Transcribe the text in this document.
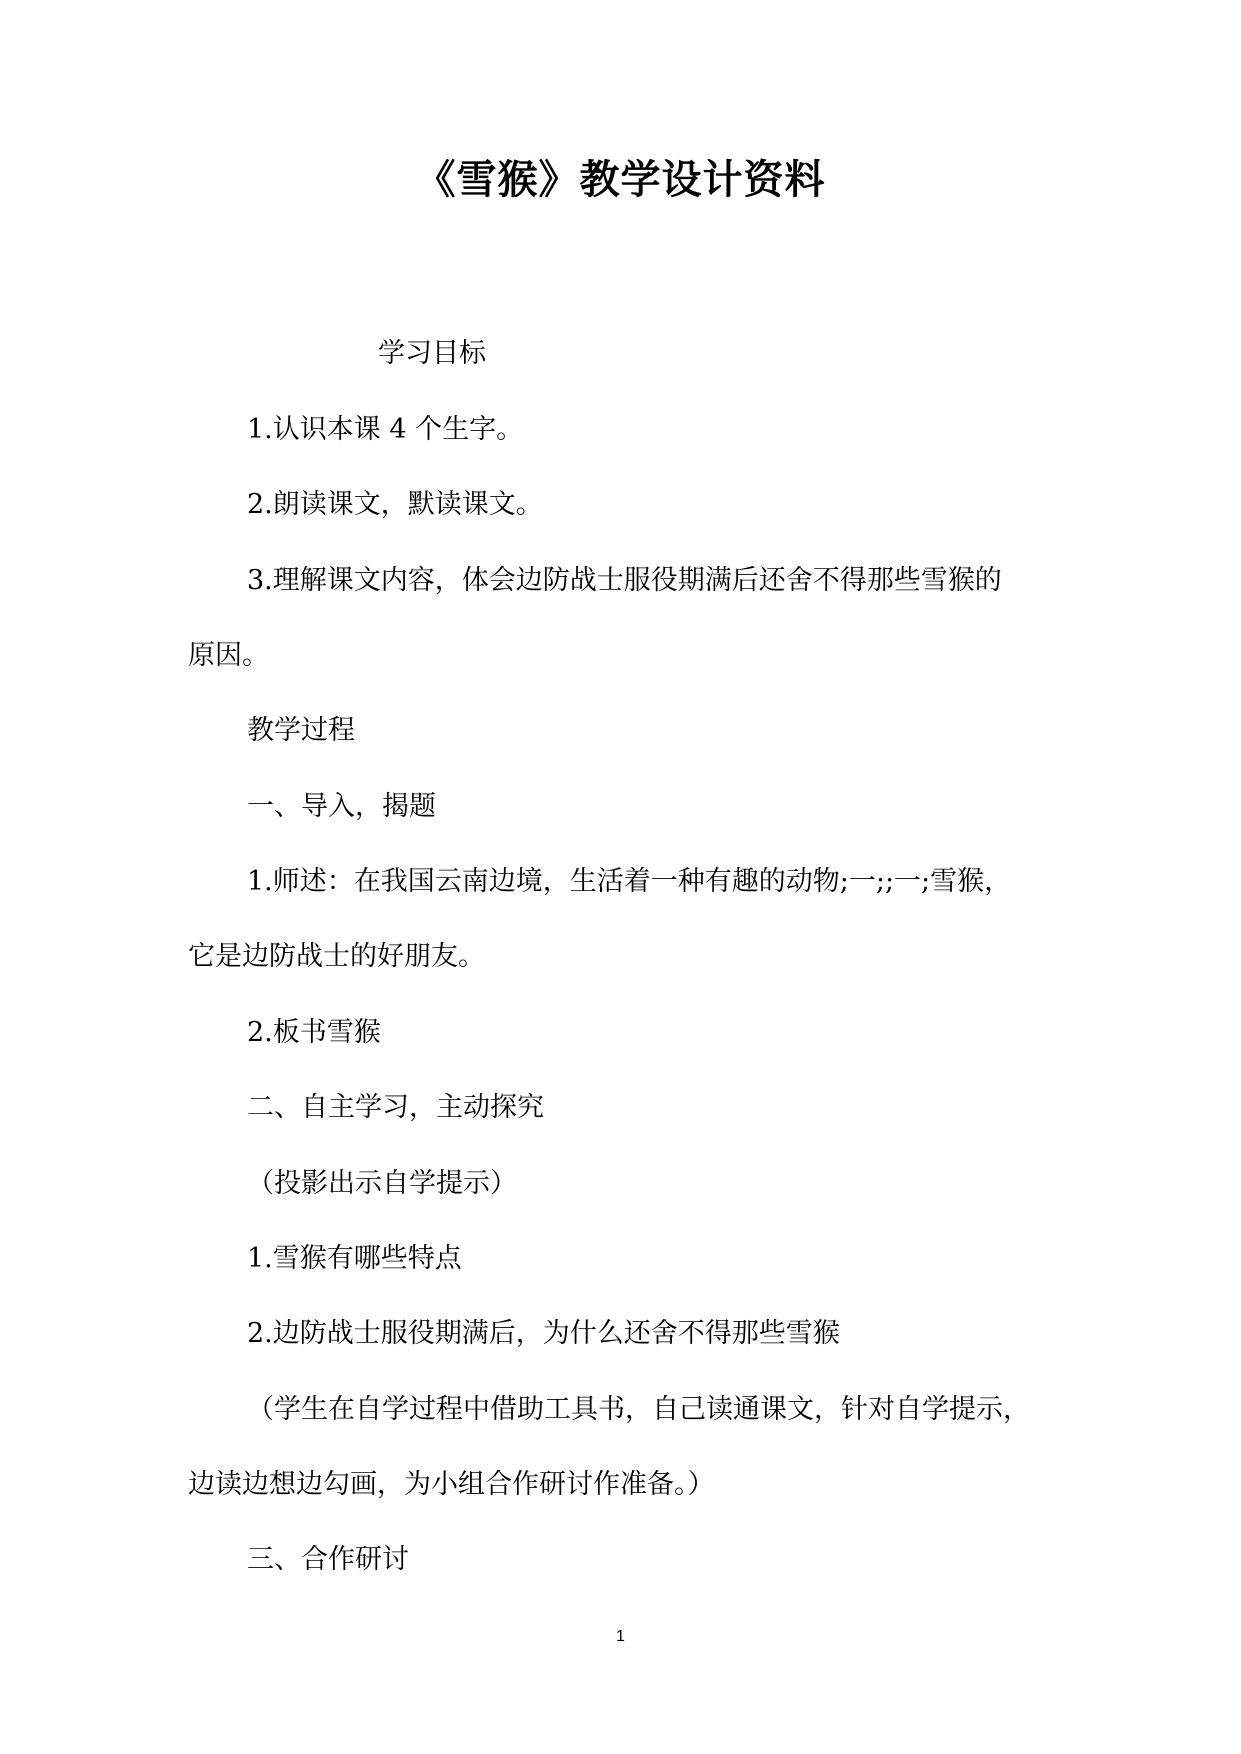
《雪猴》教学设计资料
学习目标
1.认识本课 4 个生字。
2.朗读课文，默读课文。
3.理解课文内容，体会边防战士服役期满后还舍不得那些雪猴的
原因。
教学过程
一、导入，揭题
1.师述：在我国云南边境，生活着一种有趣的动物;一;;一;雪猴，
它是边防战士的好朋友。
2.板书雪猴
二、自主学习，主动探究
（投影出示自学提示）
1.雪猴有哪些特点
2.边防战士服役期满后，为什么还舍不得那些雪猴
（学生在自学过程中借助工具书，自己读通课文，针对自学提示，
边读边想边勾画，为小组合作研讨作准备。）
三、合作研讨
1
